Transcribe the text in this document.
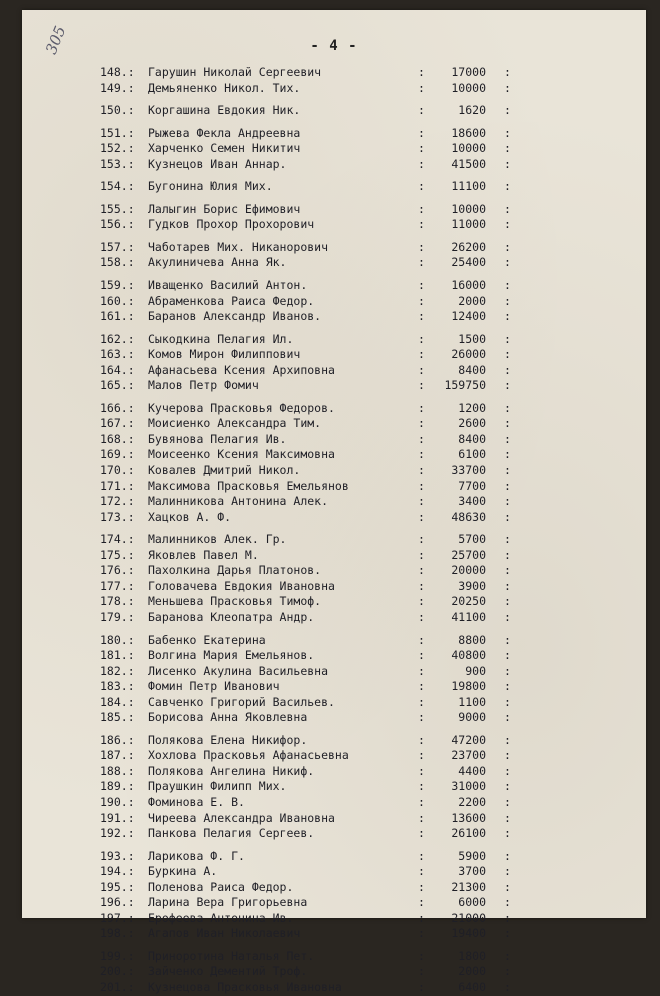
305	- 4 -
148.:	Гарушин Николай Сергеевич	:	17000 :
149.:	Демьяненко Никол. Тих.	:	10000 :
150.:	Коргашина Евдокия Ник.	:	1620 :
151.:	Рыжева Фекла Андреевна	:	18600 :
152.:	Харченко Семен Никитич	:	10000 :
153.:	Кузнецов Иван Аннар.	:	41500 :
154.:	Бугонина Юлия Мих.	:	11100 :
155.:	Лалыгин Борис Ефимович	:	10000 :
156.:	Гудков Прохор Прохорович	:	11000 :
157.:	Чаботарев Мих. Никанорович	:	26200 :
158.:	Акулиничева Анна Як.	:	25400 :
159.:	Иващенко Василий Антон.	:	16000 :
160.:	Абраменкова Раиса Федор.	:	2000 :
161.:	Баранов Александр Иванов.	:	12400 :
162.:	Сыкодкина Пелагия Ил.	:	1500 :
163.:	Комов Мирон Филиппович	:	26000 :
164.:	Афанасьева Ксения Архиповна	:	8400 :
165.:	Малов Петр Фомич	:	159750 :
166.:	Кучерова Прасковья Федоров.	:	1200 :
167.:	Моисиенко Александра Тим.	:	2600 :
168.:	Бувянова Пелагия Ив.	:	8400 :
169.:	Моисеенко Ксения Максимовна	:	6100 :
170.:	Ковалев Дмитрий Никол.	:	33700 :
171.:	Максимова Прасковья Емельянов	:	7700 :
172.:	Малинникова Антонина Алек.	:	3400 :
173.:	Хацков А. Ф.	:	48630 :
174.:	Малинников Алек. Гр.	:	5700 :
175.:	Яковлев Павел М.	:	25700 :
176.:	Пахолкина Дарья Платонов.	:	20000 :
177.:	Головачева Евдокия Ивановна	:	3900 :
178.:	Меньшева Прасковья Тимоф.	:	20250 :
179.:	Баранова Клеопатра Андр.	:	41100 :
180.:	Бабенко Екатерина	:	8800 :
181.:	Волгина Мария Емельянов.	:	40800 :
182.:	Лисенко Акулина Васильевна	:	900 :
183.:	Фомин Петр Иванович	:	19800 :
184.:	Савченко Григорий Васильев.	:	1100 :
185.:	Борисова Анна Яковлевна	:	9000 :
186.:	Полякова Елена Никифор.	:	47200 :
187.:	Хохлова Прасковья Афанасьевна	:	23700 :
188.:	Полякова Ангелина Никиф.	:	4400 :
189.:	Праушкин Филипп Мих.	:	31000 :
190.:	Фоминова Е. В.	:	2200 :
191.:	Чиреева Александра Ивановна	:	13600 :
192.:	Панкова Пелагия Сергеев.	:	26100 :
193.:	Ларикова Ф. Г.	:	5900 :
194.:	Буркина А.	:	3700 :
195.:	Поленова Раиса Федор.	:	21300 :
196.:	Ларина Вера Григорьевна	:	6000 :
197.:	Ерофеева Антонина Ив.	:	21000 :
198.:	Агапов Иван Николаевич	:	19400 :
199.:	Приноротина Наталья Пет.	:	1800 :
200.:	Зайченко Дементий Троф.	:	2000 :
201.:	Кузнецова Прасковья Ивановна	:	6400 :
